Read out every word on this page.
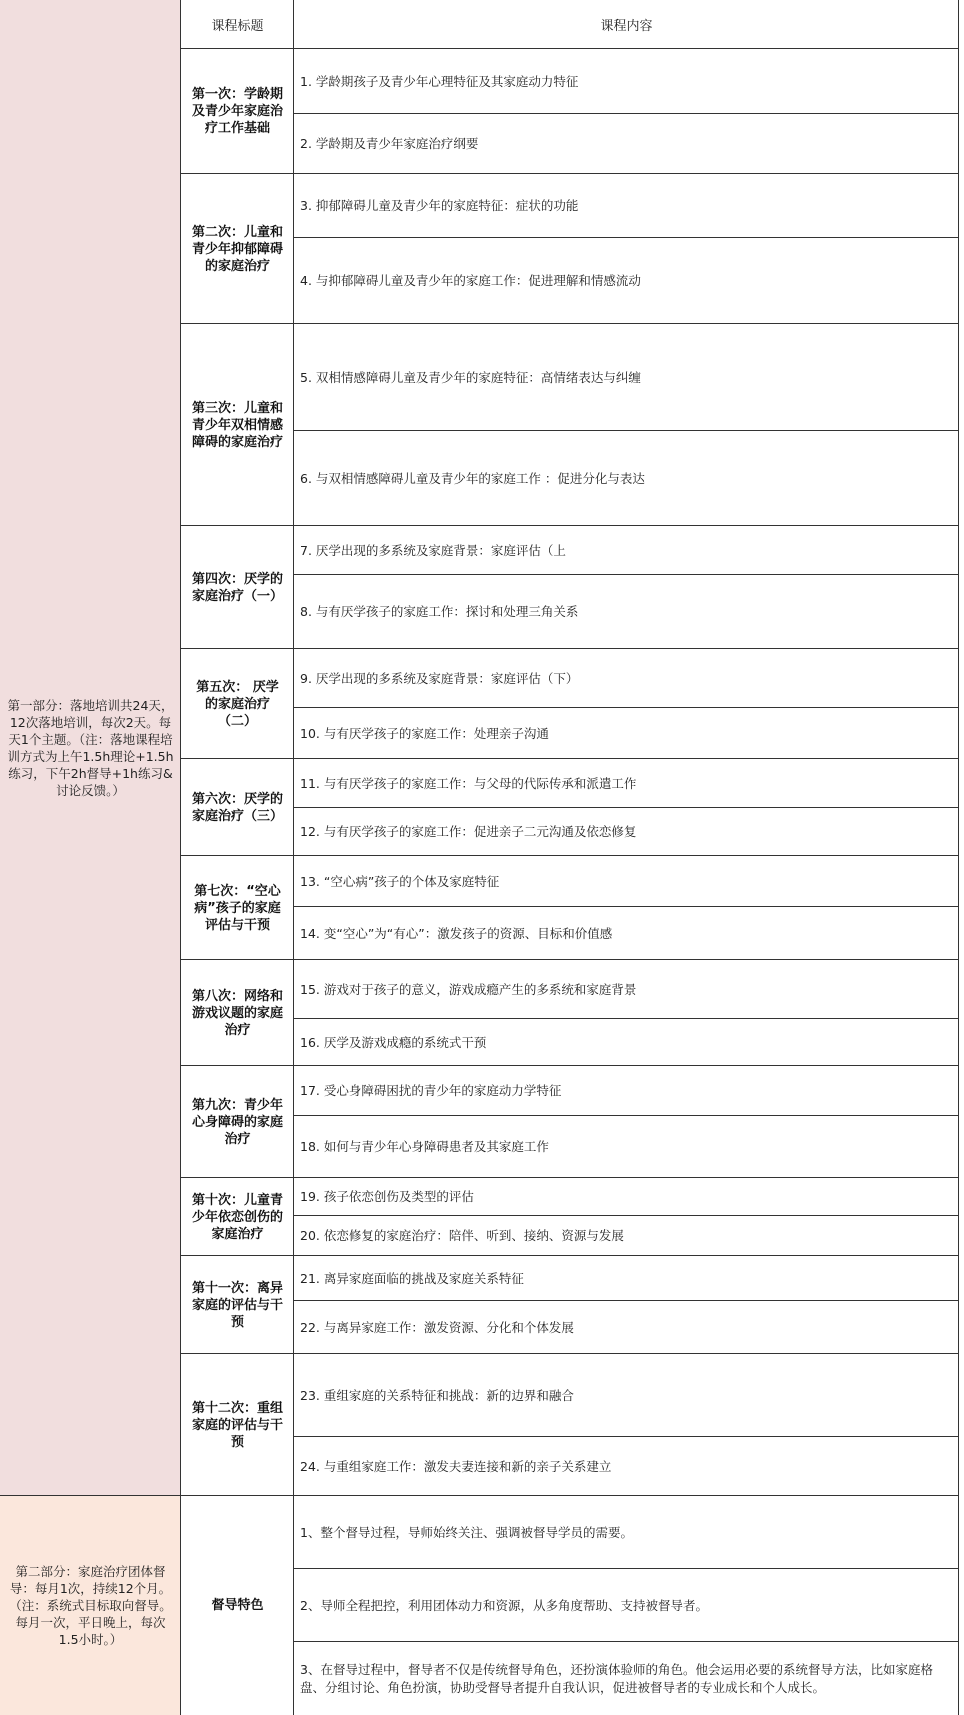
课程标题	课程内容
第一部分：落地培训共24天，12次落地培训，每次2天。每天1个主题。（注：落地课程培训方式为上午1.5h理论+1.5h练习，下午2h督导+1h练习&讨论反馈。）
第二部分：家庭治疗团体督导：每月1次，持续12个月。（注：系统式目标取向督导。每月一次，平日晚上，每次1.5小时。）
第一次：学龄期及青少年家庭治疗工作基础
第二次：儿童和青少年抑郁障碍的家庭治疗
第三次：儿童和青少年双相情感障碍的家庭治疗
第四次：厌学的家庭治疗（一）
第五次： 厌学的家庭治疗（二）
第六次：厌学的家庭治疗（三）
第七次：“空心病”孩子的家庭评估与干预
第八次：网络和游戏议题的家庭治疗
第九次：青少年心身障碍的家庭治疗
第十次：儿童青少年依恋创伤的家庭治疗
第十一次：离异家庭的评估与干预
第十二次：重组家庭的评估与干预
督导特色
1. 学龄期孩子及青少年心理特征及其家庭动力特征
2. 学龄期及青少年家庭治疗纲要
3. 抑郁障碍儿童及青少年的家庭特征：症状的功能
4. 与抑郁障碍儿童及青少年的家庭工作：促进理解和情感流动
5. 双相情感障碍儿童及青少年的家庭特征：高情绪表达与纠缠
6. 与双相情感障碍儿童及青少年的家庭工作 ：促进分化与表达
7. 厌学出现的多系统及家庭背景：家庭评估（上
8. 与有厌学孩子的家庭工作：探讨和处理三角关系
9. 厌学出现的多系统及家庭背景：家庭评估（下）
10. 与有厌学孩子的家庭工作：处理亲子沟通
11. 与有厌学孩子的家庭工作：与父母的代际传承和派遣工作
12. 与有厌学孩子的家庭工作：促进亲子二元沟通及依恋修复
13. “空心病”孩子的个体及家庭特征
14. 变“空心”为“有心”：激发孩子的资源、目标和价值感
15. 游戏对于孩子的意义，游戏成瘾产生的多系统和家庭背景
16. 厌学及游戏成瘾的系统式干预
17. 受心身障碍困扰的青少年的家庭动力学特征
18. 如何与青少年心身障碍患者及其家庭工作
19. 孩子依恋创伤及类型的评估
20. 依恋修复的家庭治疗：陪伴、听到、接纳、资源与发展
21. 离异家庭面临的挑战及家庭关系特征
22. 与离异家庭工作：激发资源、分化和个体发展
23. 重组家庭的关系特征和挑战：新的边界和融合
24. 与重组家庭工作：激发夫妻连接和新的亲子关系建立
1、整个督导过程，导师始终关注、强调被督导学员的需要。
2、导师全程把控，利用团体动力和资源，从多角度帮助、支持被督导者。
3、在督导过程中，督导者不仅是传统督导角色，还扮演体验师的角色。他会运用必要的系统督导方法，比如家庭格盘、分组讨论、角色扮演，协助受督导者提升自我认识，促进被督导者的专业成长和个人成长。
